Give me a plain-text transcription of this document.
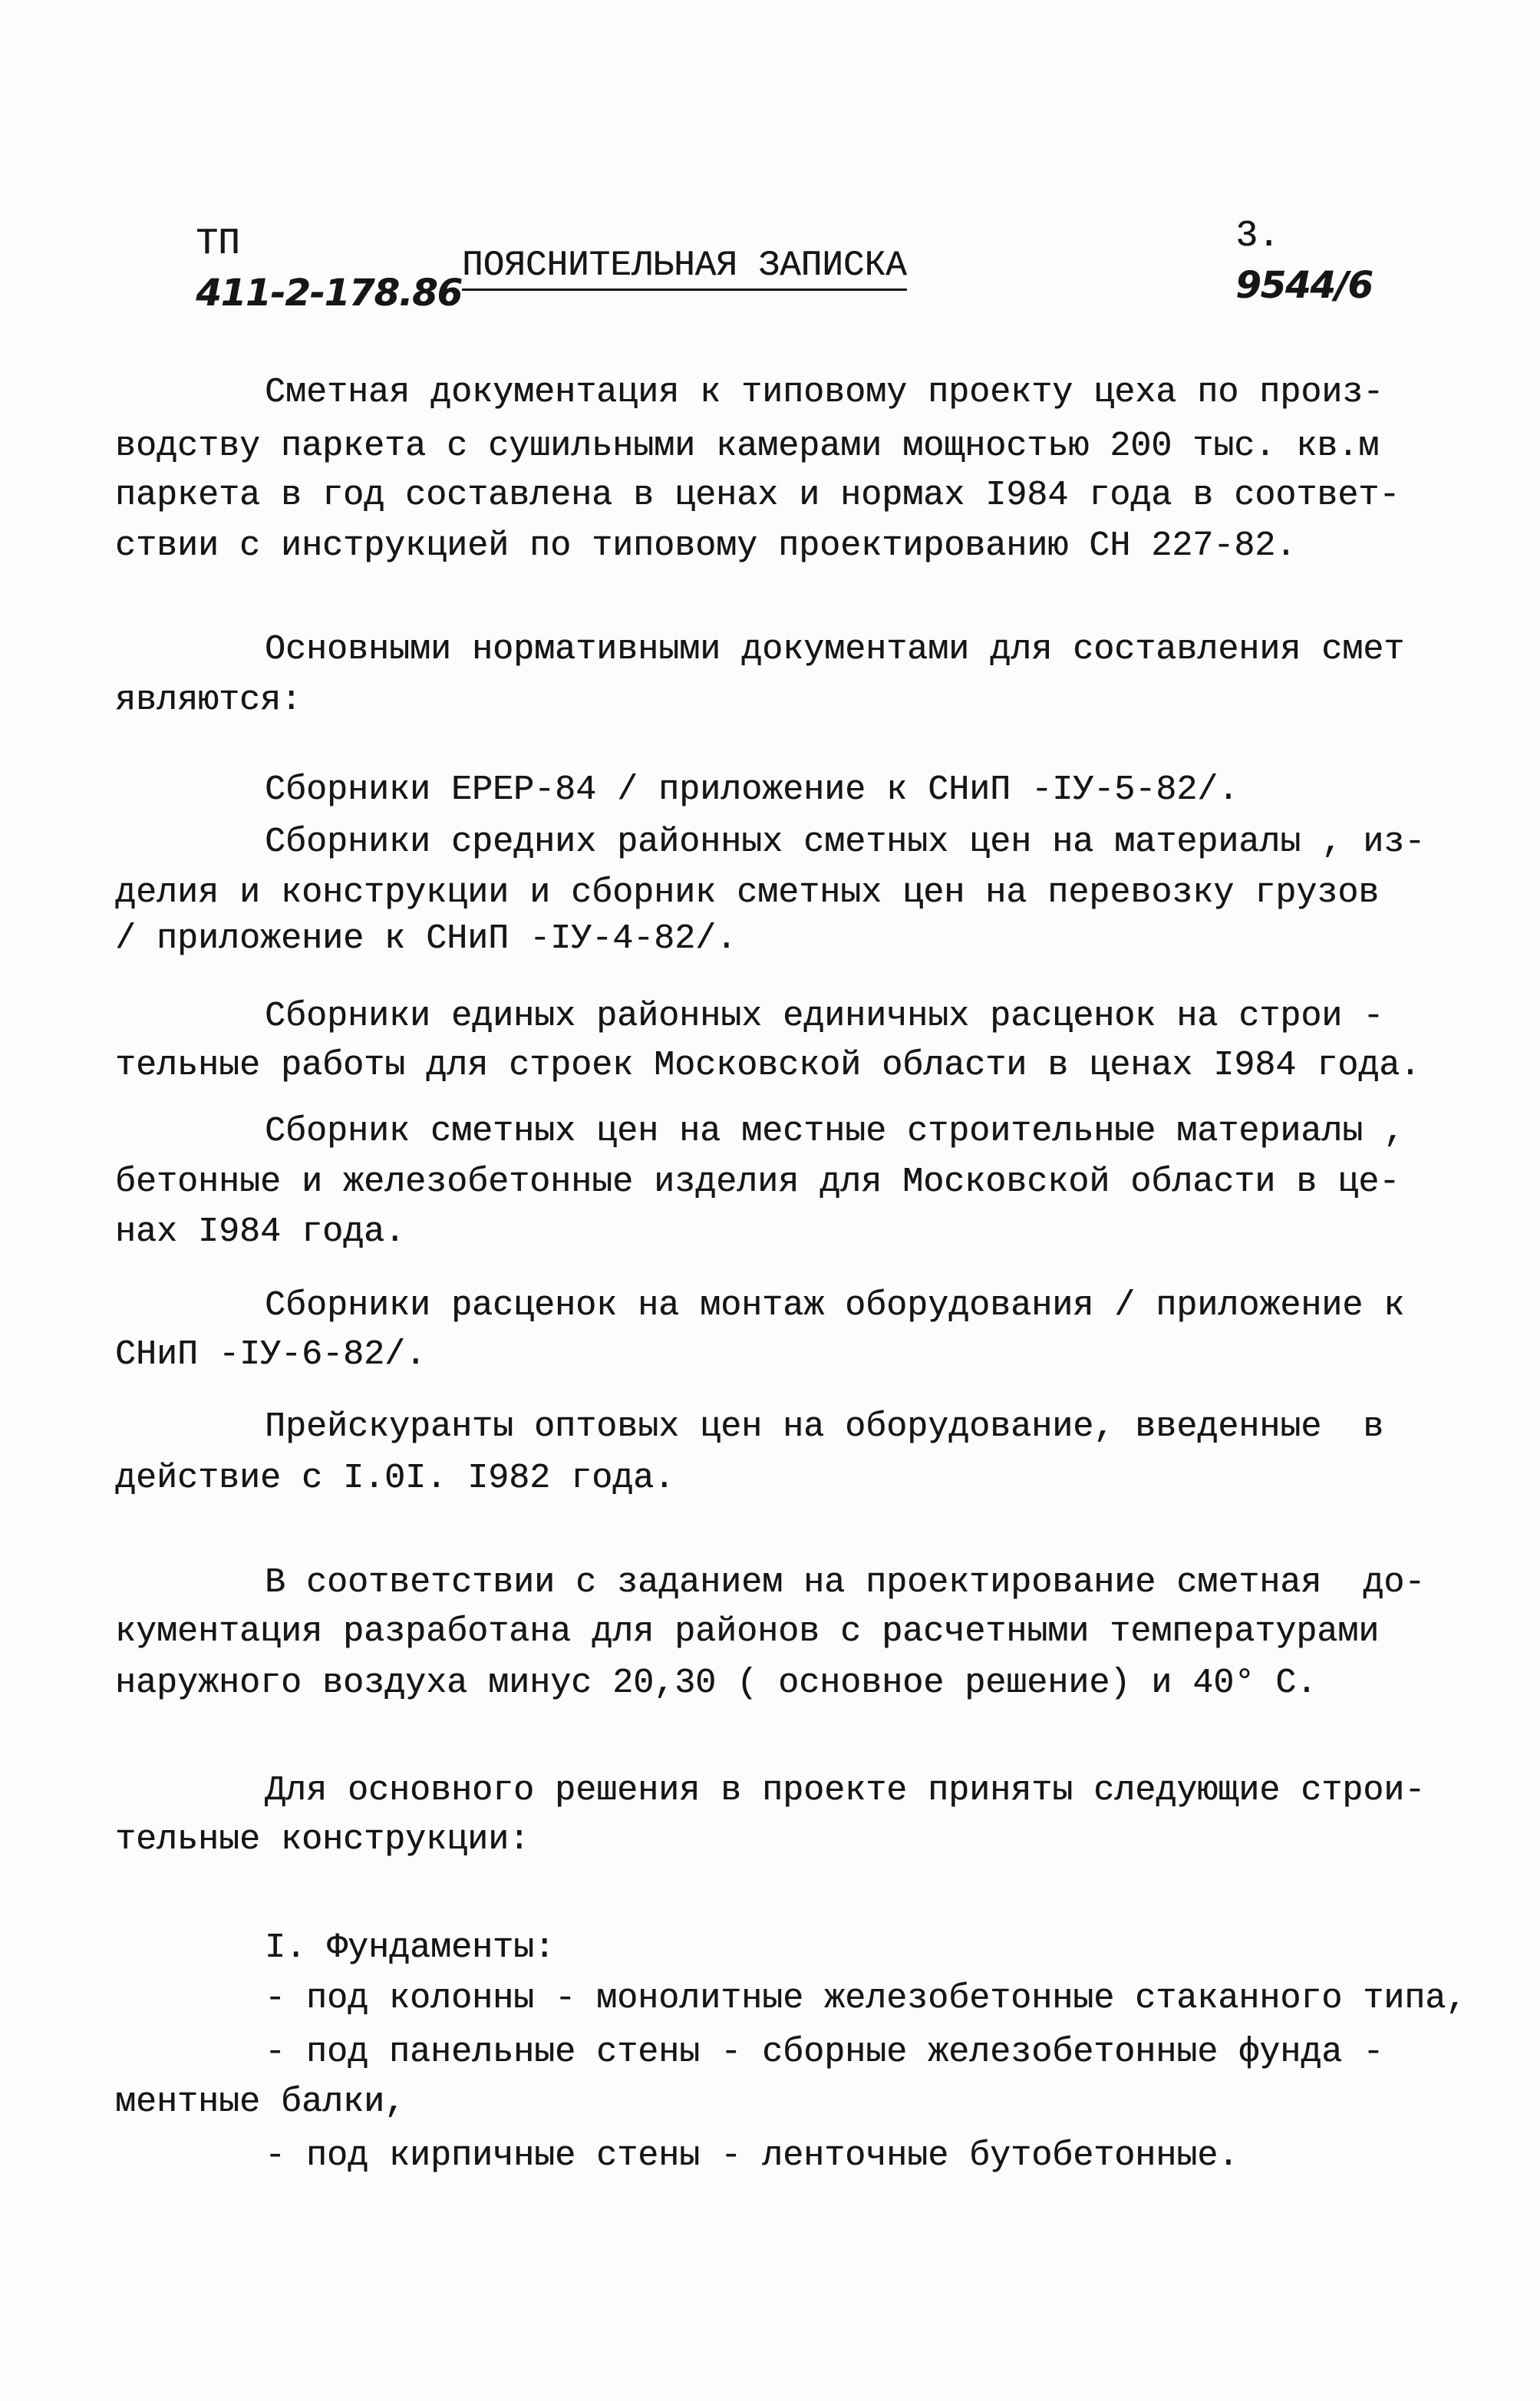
ТП
411-2-178.86

3.
9544/6

ПОЯСНИТЕЛЬНАЯ ЗАПИСКА
Сметная документация к типовому проекту цеха по произ-
водству паркета с сушильными камерами мощностью 200 тыс. кв.м
паркета в год составлена в ценах и нормах I984 года в соответ-
ствии с инструкцией по типовому проектированию СН 227-82.
Основными нормативными документами для составления смет
являются:
Сборники ЕРЕР-84 / приложение к СНиП -IУ-5-82/.
Сборники средних районных сметных цен на материалы , из-
делия и конструкции и сборник сметных цен на перевозку грузов
/ приложение к СНиП -IУ-4-82/.
Сборники единых районных единичных расценок на строи -
тельные работы для строек Московской области в ценах I984 года.
Сборник сметных цен на местные строительные материалы ,
бетонные и железобетонные изделия для Московской области в це-
нах I984 года.
Сборники расценок на монтаж оборудования / приложение к
СНиП -IУ-6-82/.
Прейскуранты оптовых цен на оборудование, введенные  в
действие с I.0I. I982 года.
В соответствии с заданием на проектирование сметная  до-
кументация разработана для районов с расчетными температурами
наружного воздуха минус 20,30 ( основное решение) и 40° С.
Для основного решения в проекте приняты следующие строи-
тельные конструкции:
I. Фундаменты:
- под колонны - монолитные железобетонные стаканного типа,
- под панельные стены - сборные железобетонные фунда -
ментные балки,
- под кирпичные стены - ленточные бутобетонные.
